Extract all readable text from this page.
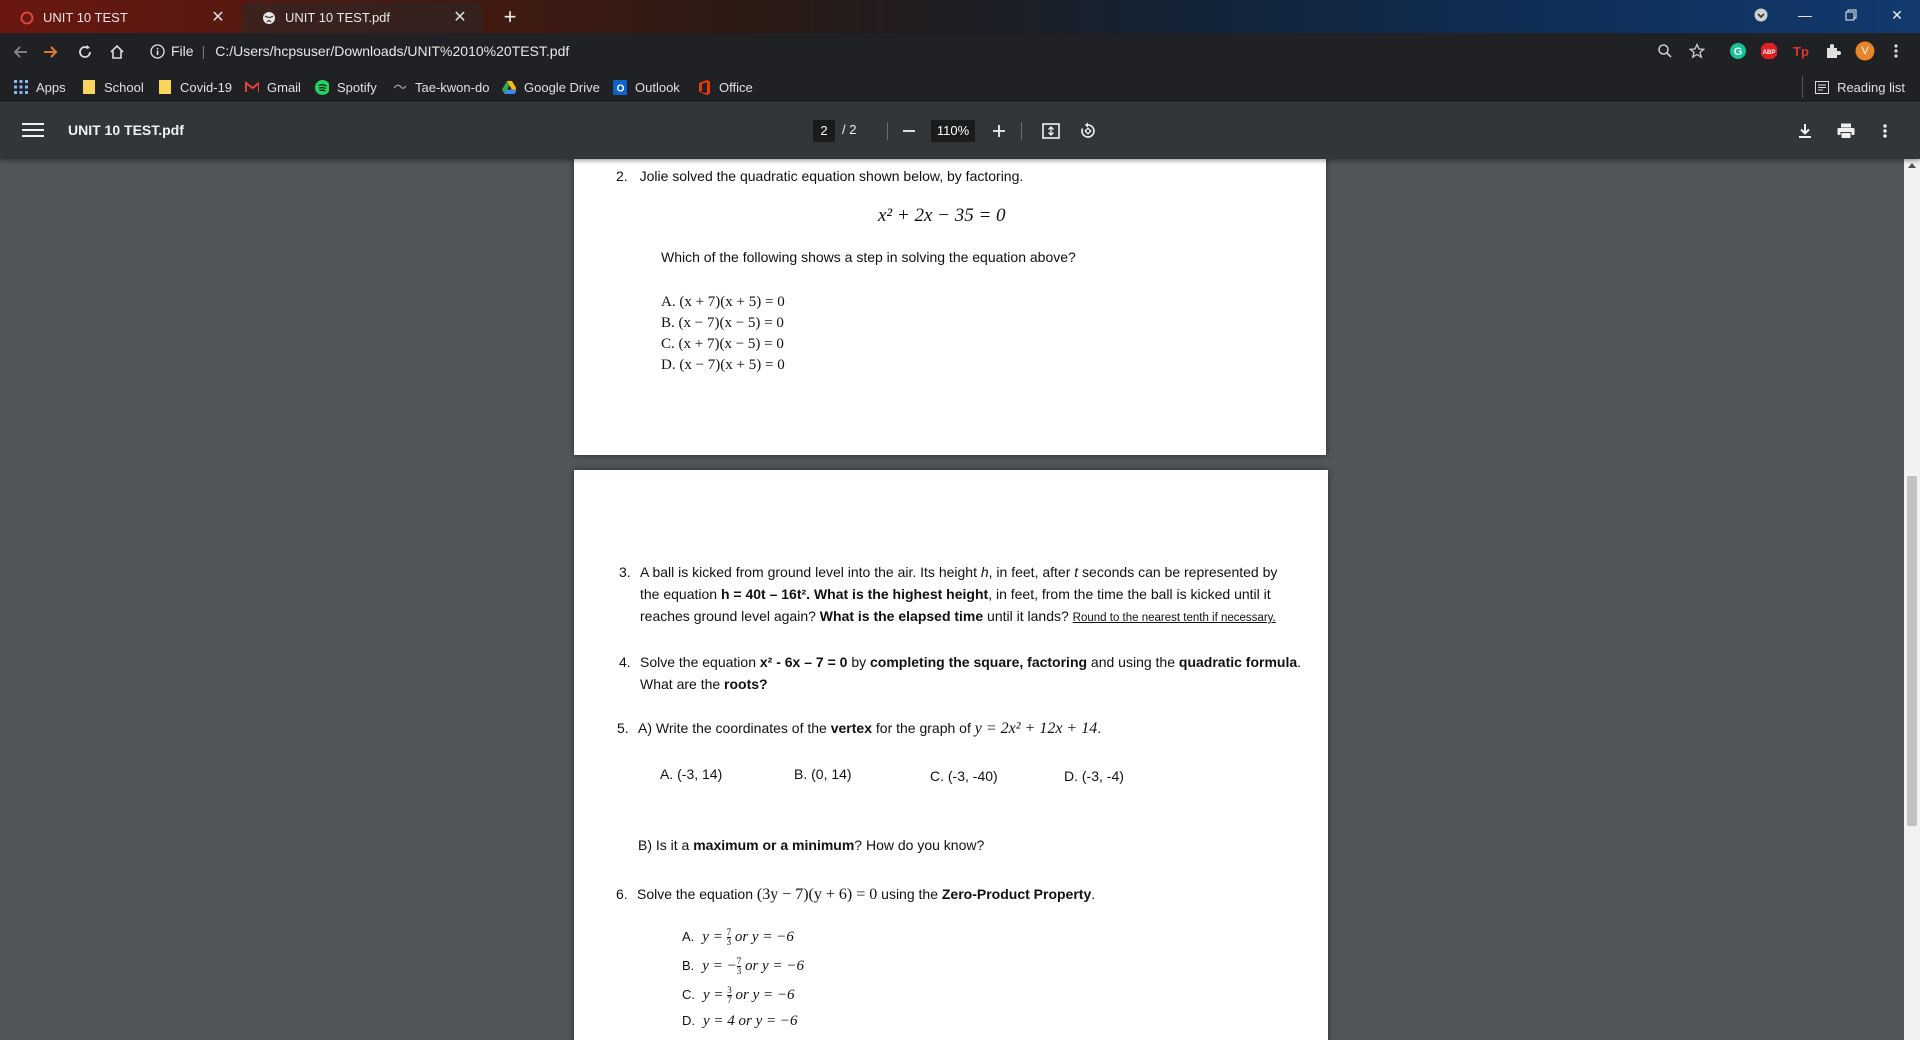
UNIT 10 TEST	✕	UNIT 10 TEST.pdf	✕ +	—	✕
File | C:/Users/hcpsuser/Downloads/UNIT%2010%20TEST.pdf	G	ABP Tp	V
Apps	School	Covid-19	Gmail	Spotify	Tae-kwon-do	Google Drive O Outlook	Office	Reading list
UNIT 10 TEST.pdf	2	/ 2	110%
2. Jolie solved the quadratic equation shown below, by factoring.
x² + 2x − 35 = 0
Which of the following shows a step in solving the equation above?
A. (x + 7)(x + 5) = 0
B. (x − 7)(x − 5) = 0
C. (x + 7)(x − 5) = 0
D. (x − 7)(x + 5) = 0
3. A ball is kicked from ground level into the air. Its height h, in feet, after t seconds can be represented by
the equation h = 40t – 16t². What is the highest height, in feet, from the time the ball is kicked until it
reaches ground level again? What is the elapsed time until it lands? Round to the nearest tenth if necessary.
4. Solve the equation x² - 6x – 7 = 0 by completing the square, factoring and using the quadratic formula.
What are the roots?
5. A) Write the coordinates of the vertex for the graph of y = 2x² + 12x + 14.
A. (-3, 14)	B. (0, 14)	C. (-3, -40)	D. (-3, -4)
B) Is it a maximum or a minimum? How do you know?
6. Solve the equation (3y − 7)(y + 6) = 0 using the Zero-Product Property.
A. $y = \frac{7}{3}$ or y = −6
B. y = − $\frac{7}{3}$ or y = −6
C. $y = \frac{3}{7}$ or y = −6
D. y = 4 or y = −6
